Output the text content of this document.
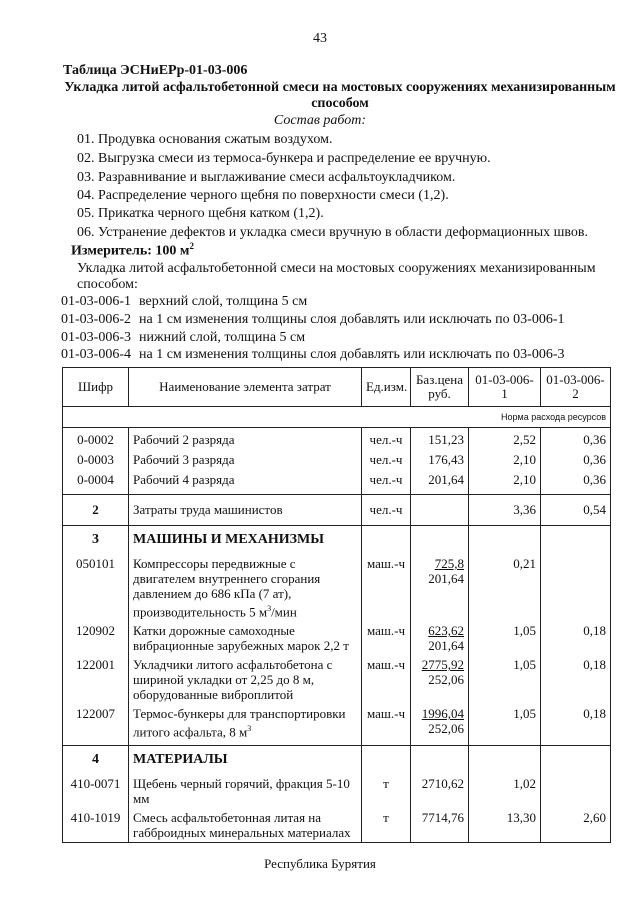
43
Таблица ЭСНиЕРр-01-03-006
Укладка литой асфальтобетонной смеси на мостовых сооружениях механизированным
способом
Состав работ:
01. Продувка основания сжатым воздухом.
02. Выгрузка смеси из термоса-бункера и распределение ее вручную.
03. Разравнивание и выглаживание смеси асфальтоукладчиком.
04. Распределение черного щебня по поверхности смеси (1,2).
05. Прикатка черного щебня катком (1,2).
06. Устранение дефектов и укладка смеси вручную в области деформационных швов.
Измеритель: 100 $м^2$
Укладка литой асфальтобетонной смеси на мостовых сооружениях механизированным
способом:
01-03-006-1 верхний слой, толщина 5 см
01-03-006-2 на 1 см изменения толщины слоя добавлять или исключать по 03-006-1
01-03-006-3 нижний слой, толщина 5 см
01-03-006-4 на 1 см изменения толщины слоя добавлять или исключать по 03-006-3
Шифр	Наименование элемента затрат	Ед.изм.	Баз.цена
руб.	01-03-006-1	01-03-006-2
Норма расхода ресурсов					
0-0002	Рабочий 2 разряда	чел.-ч	151,23	2,52	0,36
0-0003	Рабочий 3 разряда	чел.-ч	176,43	2,10	0,36
0-0004	Рабочий 4 разряда	чел.-ч	201,64	2,10	0,36
2	Затраты труда машинистов	чел.-ч		3,36	0,54
3	МАШИНЫ И МЕХАНИЗМЫ				
050101	Компрессоры передвижные с
двигателем внутреннего сгорания
давлением до 686 кПа (7 ат),
производительность 5 $м^3$/мин	маш.-ч	725,8
201,64	0,21	
120902	Катки дорожные самоходные
вибрационные зарубежных марок 2,2 т	маш.-ч	623,62
201,64	1,05	0,18
122001	Укладчики литого асфальтобетона с
шириной укладки от 2,25 до 8 м,
оборудованные виброплитой	маш.-ч	2775,92
252,06	1,05	0,18
122007	Термос-бункеры для транспортировки
литого асфальта, 8 $м^3$	маш.-ч	1996,04
252,06	1,05	0,18
4	МАТЕРИАЛЫ				
410-0071	Щебень черный горячий, фракция 5-10
мм	т	2710,62	1,02	
410-1019	Смесь асфальтобетонная литая на
габброидных минеральных материалах	т	7714,76	13,30	2,60
Республика Бурятия
